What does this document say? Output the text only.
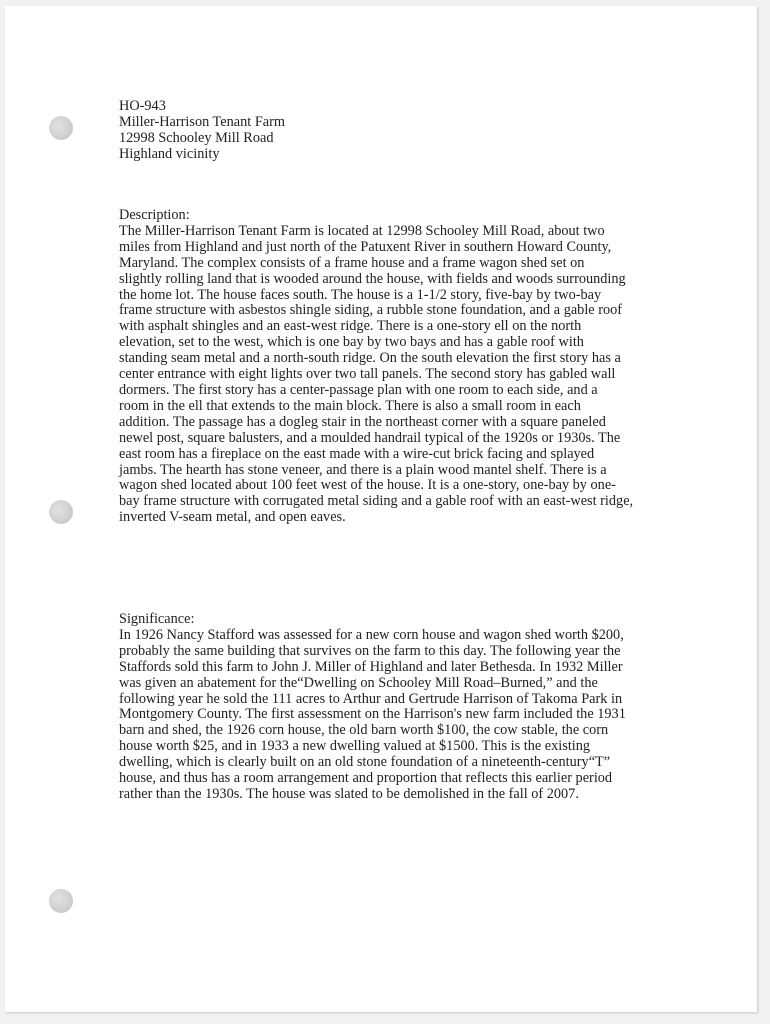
HO-943
Miller-Harrison Tenant Farm
12998 Schooley Mill Road
Highland vicinity
Description:
The Miller-Harrison Tenant Farm is located at 12998 Schooley Mill Road, about two
miles from Highland and just north of the Patuxent River in southern Howard County,
Maryland. The complex consists of a frame house and a frame wagon shed set on
slightly rolling land that is wooded around the house, with fields and woods surrounding
the home lot. The house faces south. The house is a 1-1/2 story, five-bay by two-bay
frame structure with asbestos shingle siding, a rubble stone foundation, and a gable roof
with asphalt shingles and an east-west ridge. There is a one-story ell on the north
elevation, set to the west, which is one bay by two bays and has a gable roof with
standing seam metal and a north-south ridge. On the south elevation the first story has a
center entrance with eight lights over two tall panels. The second story has gabled wall
dormers. The first story has a center-passage plan with one room to each side, and a
room in the ell that extends to the main block. There is also a small room in each
addition. The passage has a dogleg stair in the northeast corner with a square paneled
newel post, square balusters, and a moulded handrail typical of the 1920s or 1930s. The
east room has a fireplace on the east made with a wire-cut brick facing and splayed
jambs. The hearth has stone veneer, and there is a plain wood mantel shelf. There is a
wagon shed located about 100 feet west of the house. It is a one-story, one-bay by one-
bay frame structure with corrugated metal siding and a gable roof with an east-west ridge,
inverted V-seam metal, and open eaves.
Significance:
In 1926 Nancy Stafford was assessed for a new corn house and wagon shed worth $200,
probably the same building that survives on the farm to this day. The following year the
Staffords sold this farm to John J. Miller of Highland and later Bethesda. In 1932 Miller
was given an abatement for the“Dwelling on Schooley Mill Road–Burned,” and the
following year he sold the 111 acres to Arthur and Gertrude Harrison of Takoma Park in
Montgomery County. The first assessment on the Harrison's new farm included the 1931
barn and shed, the 1926 corn house, the old barn worth $100, the cow stable, the corn
house worth $25, and in 1933 a new dwelling valued at $1500. This is the existing
dwelling, which is clearly built on an old stone foundation of a nineteenth-century“T”
house, and thus has a room arrangement and proportion that reflects this earlier period
rather than the 1930s. The house was slated to be demolished in the fall of 2007.
